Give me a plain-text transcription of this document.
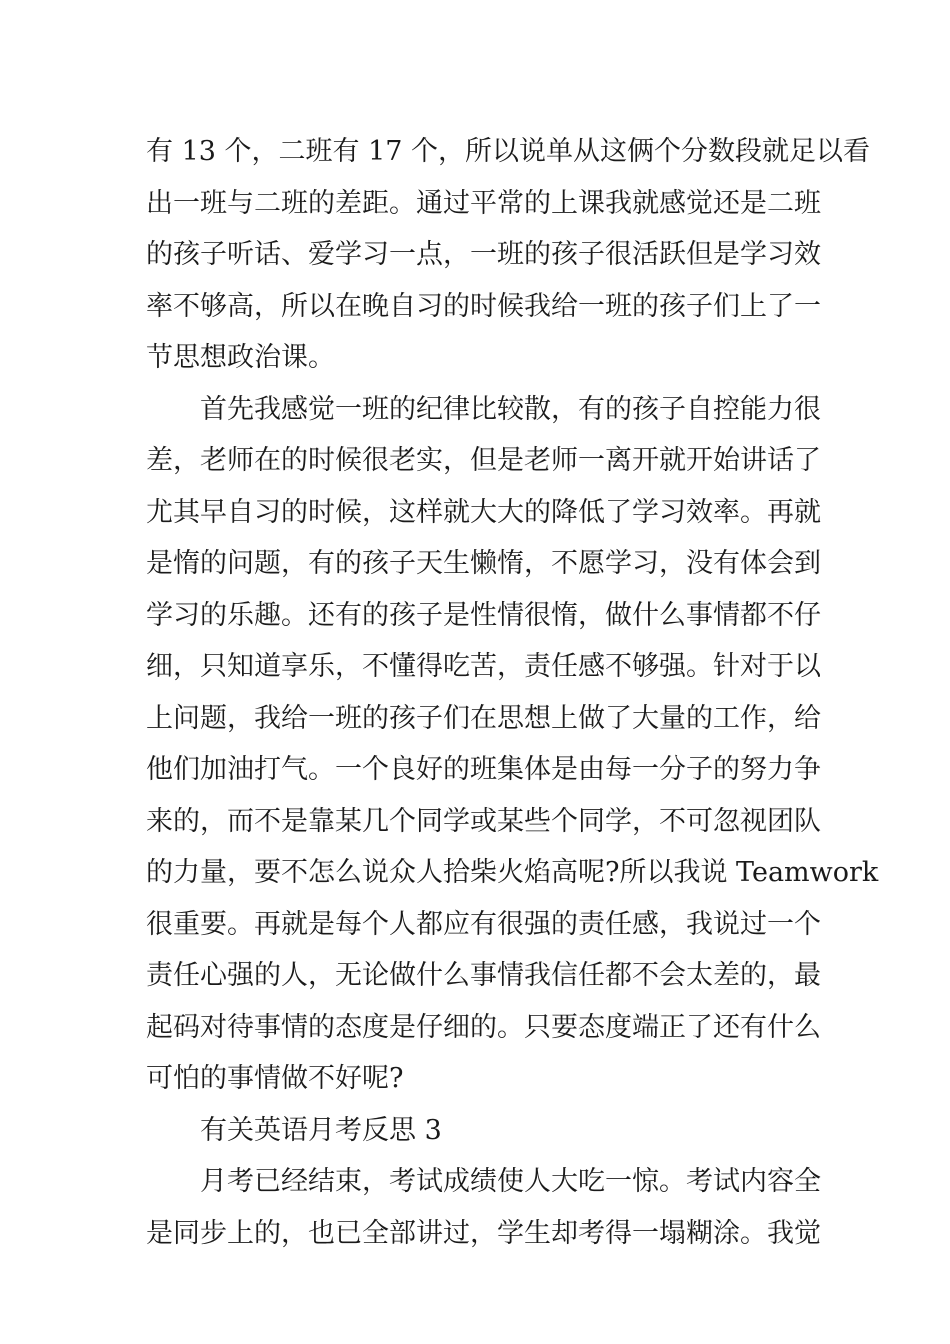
有 13 个，二班有 17 个，所以说单从这俩个分数段就足以看
出一班与二班的差距。通过平常的上课我就感觉还是二班
的孩子听话、爱学习一点，一班的孩子很活跃但是学习效
率不够高，所以在晚自习的时候我给一班的孩子们上了一
节思想政治课。
首先我感觉一班的纪律比较散，有的孩子自控能力很
差，老师在的时候很老实，但是老师一离开就开始讲话了
尤其早自习的时候，这样就大大的降低了学习效率。再就
是惰的问题，有的孩子天生懒惰，不愿学习，没有体会到
学习的乐趣。还有的孩子是性情很惰，做什么事情都不仔
细，只知道享乐，不懂得吃苦，责任感不够强。针对于以
上问题，我给一班的孩子们在思想上做了大量的工作，给
他们加油打气。一个良好的班集体是由每一分子的努力争
来的，而不是靠某几个同学或某些个同学，不可忽视团队
的力量，要不怎么说众人拾柴火焰高呢?所以我说 Teamwork
很重要。再就是每个人都应有很强的责任感，我说过一个
责任心强的人，无论做什么事情我信任都不会太差的，最
起码对待事情的态度是仔细的。只要态度端正了还有什么
可怕的事情做不好呢?
有关英语月考反思 3
月考已经结束，考试成绩使人大吃一惊。考试内容全
是同步上的，也已全部讲过，学生却考得一塌糊涂。我觉
